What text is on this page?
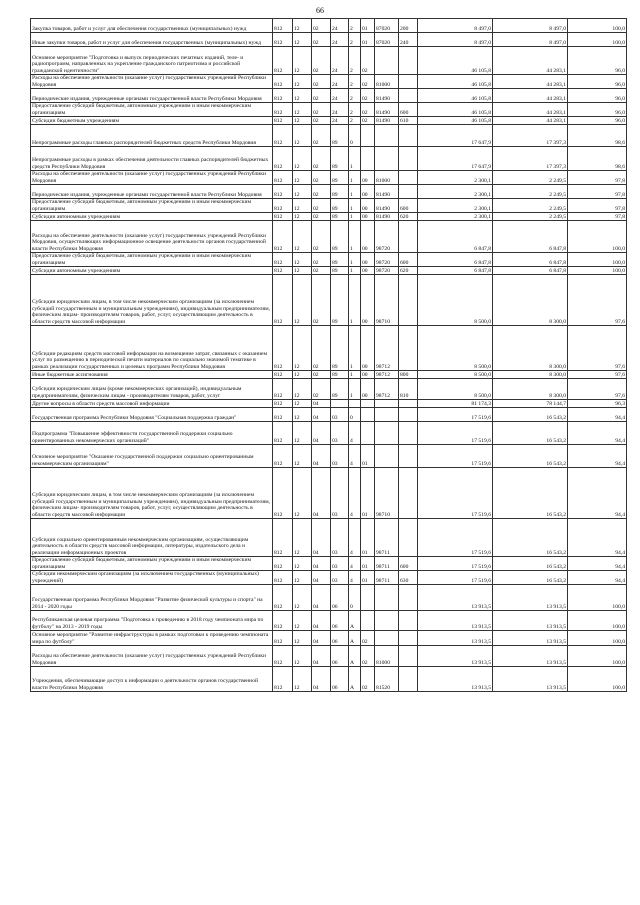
66
Закупка товаров, работ и услуг для обеспечения государственных (муниципальных) нужд	812	12	02	24	2	01	87020	200	8 497,0	8 497,0	100,0
Иные закупки товаров, работ и услуг для обеспечения государственных (муниципальных) нужд	812	12	02	24	2	01	87020	240	8 497,0	8 497,0	100,0
Основное мероприятие "Подготовка и выпуск периодических печатных изданий, теле- и радиопрограмм, направленных на укрепление гражданского патриотизма и российской гражданской идентичности"	812	12	02	24	2	02			46 105,8	44 283,1	96,0
Расходы на обеспечение деятельности (оказание услуг) государственных учреждений Республики Мордовия	812	12	02	24	2	02	81000		46 105,8	44 283,1	96,0
Периодические издания, учрежденные органами государственной власти Республики Мордовия	812	12	02	24	2	02	81490		46 105,8	44 283,1	96,0
Предоставление субсидий бюджетным, автономным учреждениям и иным некоммерческим организациям	812	12	02	24	2	02	81490	600	46 105,8	44 283,1	96,0
Субсидии бюджетным учреждениям	812	12	02	24	2	02	81490	610	46 105,8	44 283,1	96,0
Непрограммные расходы главных распорядителей бюджетных средств Республики Мордовия	812	12	02	89	0				17 647,9	17 397,3	98,6
Непрограммные расходы в рамках обеспечения деятельности главных распорядителей бюджетных средств Республики Мордовия	812	12	02	89	1				17 647,9	17 397,3	98,6
Расходы на обеспечение деятельности (оказание услуг) государственных учреждений Республики Мордовия	812	12	02	89	1	00	81000		2 300,1	2 249,5	97,8
Периодические издания, учрежденные органами государственной власти Республики Мордовия	812	12	02	89	1	00	81490		2 300,1	2 249,5	97,8
Предоставление субсидий бюджетным, автономным учреждениям и иным некоммерческим организациям	812	12	02	89	1	00	81490	600	2 300,1	2 249,5	97,8
Субсидии автономным учреждениям	812	12	02	89	1	00	81490	620	2 300,1	2 249,5	97,8
Расходы на обеспечение деятельности (оказание услуг) государственных учреждений Республики Мордовия, осуществляющих информационное освещение деятельности органов государственной власти Республики Мордовия	812	12	02	89	1	00	98720		6 847,8	6 847,8	100,0
Предоставление субсидий бюджетным, автономным учреждениям и иным некоммерческим организациям	812	12	02	89	1	00	98720	600	6 847,8	6 847,8	100,0
Субсидии автономным учреждениям	812	12	02	89	1	00	98720	620	6 847,8	6 847,8	100,0
Субсидии юридическим лицам, в том числе некоммерческим организациям (за исключением субсидий государственным и муниципальным учреждениям), индивидуальным предпринимателям, физическим лицам- производителям товаров, работ, услуг, осуществляющим деятельность в области средств массовой информации	812	12	02	89	1	00	98710		8 500,0	8 300,0	97,6
Субсидии редакциям средств массовой информации на возмещение затрат, связанных с оказанием услуг по размещению в периодической печати материалов по социально значимой тематике в рамках реализации государственных и целевых программ Республики Мордовия	812	12	02	89	1	00	98712		8 500,0	8 300,0	97,6
Иные бюджетные ассигнования	812	12	02	89	1	00	98712	800	8 500,0	8 300,0	97,6
Субсидии юридическим лицам (кроме некоммерческих организаций), индивидуальным предпринимателям, физическим лицам - производителям товаров, работ, услуг	812	12	02	89	1	00	98712	810	8 500,0	8 300,0	97,6
Другие вопросы в области средств массовой информации	812	12	04						81 174,3	78 144,7	96,3
Государственная программа Республики Мордовия "Социальная поддержка граждан"	812	12	04	03	0				17 519,6	16 543,2	94,4
Подпрограмма "Повышение эффективности государственной поддержки социально ориентированных некоммерческих организаций"	812	12	04	03	4				17 519,6	16 543,2	94,4
Основное мероприятие "Оказание государственной поддержки социально ориентированным некоммерческим организациям"	812	12	04	03	4	01			17 519,6	16 543,2	94,4
Субсидии юридическим лицам, в том числе некоммерческим организациям (за исключением субсидий государственным и муниципальным учреждениям), индивидуальным предпринимателям, физическим лицам- производителям товаров, работ, услуг, осуществляющим деятельность в области средств массовой информации	812	12	04	03	4	01	98710		17 519,6	16 543,2	94,4
Субсидии социально ориентированным некоммерческим организациям, осуществляющим деятельность в области средств массовой информации, литературы, издательского дела и реализации информационных проектов	812	12	04	03	4	01	98711		17 519,6	16 543,2	94,4
Предоставление субсидий бюджетным, автономным учреждениям и иным некоммерческим организациям	812	12	04	03	4	01	98711	600	17 519,6	16 543,2	94,4
Субсидии некоммерческим организациям (за исключением государственных (муниципальных) учреждений)	812	12	04	03	4	01	98711	630	17 519,6	16 543,2	94,4
Государственная программа Республики Мордовия "Развитие физической культуры и спорта" на 2014 - 2020 годы	812	12	04	06	0				13 913,5	13 913,5	100,0
Республиканская целевая программа "Подготовка к проведению в 2018 году чемпионата мира по футболу" на 2013 - 2019 годы	812	12	04	06	А				13 913,5	13 913,5	100,0
Основное мероприятие "Развитие инфраструктуры в рамках подготовки к проведению чемпионата мира по футболу"	812	12	04	06	А	02			13 913,5	13 913,5	100,0
Расходы на обеспечение деятельности (оказание услуг) государственных учреждений Республики Мордовия	812	12	04	06	А	02	81000		13 913,5	13 913,5	100,0
Учреждения, обеспечивающие доступ к информации о деятельности органов государственной власти Республики Мордовия	812	12	04	06	А	02	81520		13 913,5	13 913,5	100,0
